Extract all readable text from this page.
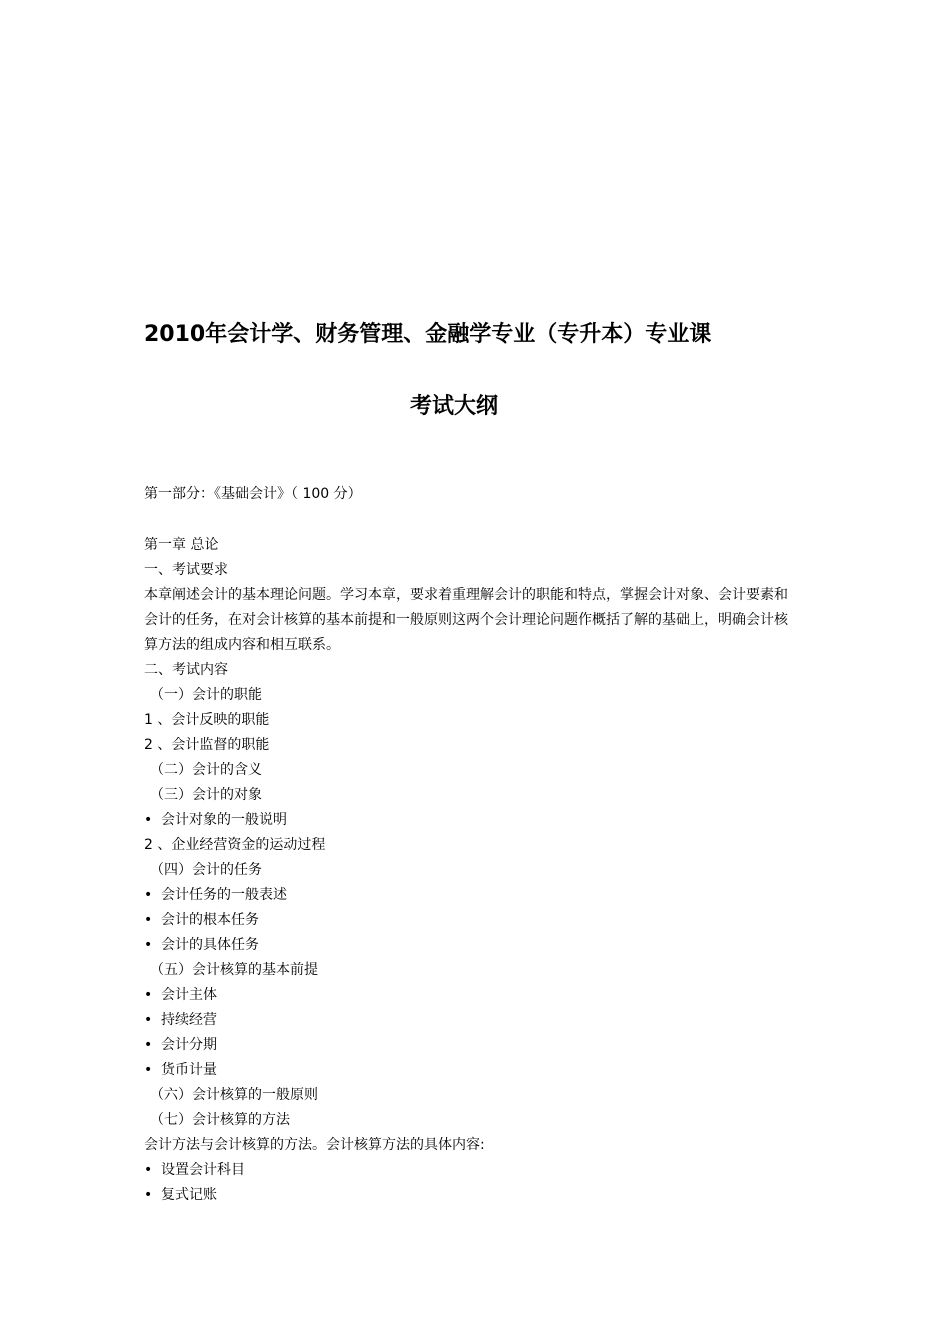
2010年会计学、财务管理、金融学专业（专升本）专业课
考试大纲
第一部分：《基础会计》（ 100 分）
第一章 总论
一、考试要求
本章阐述会计的基本理论问题。学习本章，要求着重理解会计的职能和特点，掌握会计对象、会计要素和
会计的任务，在对会计核算的基本前提和一般原则这两个会计理论问题作概括了解的基础上，明确会计核
算方法的组成内容和相互联系。
二、考试内容
（一）会计的职能
1 、会计反映的职能
2 、会计监督的职能
（二）会计的含义
（三）会计的对象
• 会计对象的一般说明
2 、企业经营资金的运动过程
（四）会计的任务
• 会计任务的一般表述
• 会计的根本任务
• 会计的具体任务
（五）会计核算的基本前提
• 会计主体
• 持续经营
• 会计分期
• 货币计量
（六）会计核算的一般原则
（七）会计核算的方法
会计方法与会计核算的方法。会计核算方法的具体内容:
• 设置会计科目
• 复式记账
